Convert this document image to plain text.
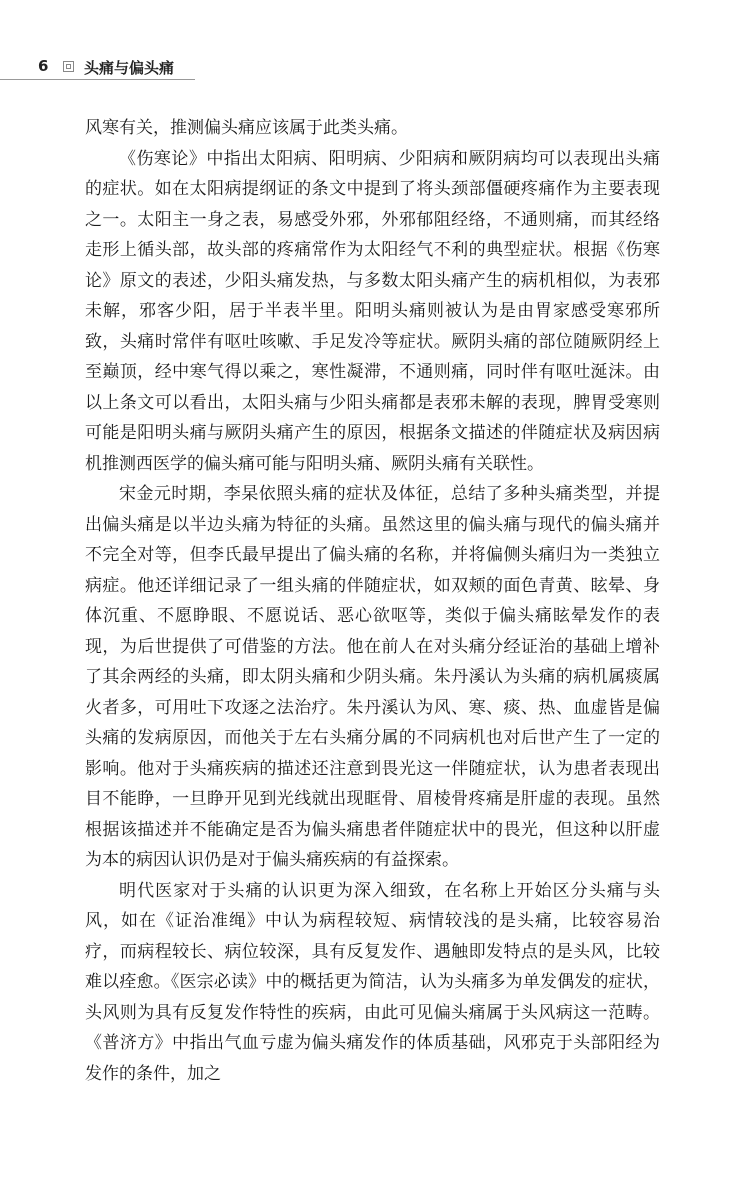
6 头痛与偏头痛

风寒有关，推测偏头痛应该属于此类头痛。

《伤寒论》中指出太阳病、阳明病、少阳病和厥阴病均可以表现出头痛的症状。如在太阳病提纲证的条文中提到了将头颈部僵硬疼痛作为主要表现之一。太阳主一身之表，易感受外邪，外邪郁阻经络，不通则痛，而其经络走形上循头部，故头部的疼痛常作为太阳经气不利的典型症状。根据《伤寒论》原文的表述，少阳头痛发热，与多数太阳头痛产生的病机相似，为表邪未解，邪客少阳，居于半表半里。阳明头痛则被认为是由胃家感受寒邪所致，头痛时常伴有呕吐咳嗽、手足发冷等症状。厥阴头痛的部位随厥阴经上至巅顶，经中寒气得以乘之，寒性凝滞，不通则痛，同时伴有呕吐涎沫。由以上条文可以看出，太阳头痛与少阳头痛都是表邪未解的表现，脾胃受寒则可能是阳明头痛与厥阴头痛产生的原因，根据条文描述的伴随症状及病因病机推测西医学的偏头痛可能与阳明头痛、厥阴头痛有关联性。

宋金元时期，李杲依照头痛的症状及体征，总结了多种头痛类型，并提出偏头痛是以半边头痛为特征的头痛。虽然这里的偏头痛与现代的偏头痛并不完全对等，但李氏最早提出了偏头痛的名称，并将偏侧头痛归为一类独立病症。他还详细记录了一组头痛的伴随症状，如双颊的面色青黄、眩晕、身体沉重、不愿睁眼、不愿说话、恶心欲呕等，类似于偏头痛眩晕发作的表现，为后世提供了可借鉴的方法。他在前人在对头痛分经证治的基础上增补了其余两经的头痛，即太阴头痛和少阴头痛。朱丹溪认为头痛的病机属痰属火者多，可用吐下攻逐之法治疗。朱丹溪认为风、寒、痰、热、血虚皆是偏头痛的发病原因，而他关于左右头痛分属的不同病机也对后世产生了一定的影响。他对于头痛疾病的描述还注意到畏光这一伴随症状，认为患者表现出目不能睁，一旦睁开见到光线就出现眶骨、眉棱骨疼痛是肝虚的表现。虽然根据该描述并不能确定是否为偏头痛患者伴随症状中的畏光，但这种以肝虚为本的病因认识仍是对于偏头痛疾病的有益探索。

明代医家对于头痛的认识更为深入细致，在名称上开始区分头痛与头风，如在《证治准绳》中认为病程较短、病情较浅的是头痛，比较容易治疗，而病程较长、病位较深，具有反复发作、遇触即发特点的是头风，比较难以痊愈。《医宗必读》中的概括更为简洁，认为头痛多为单发偶发的症状，头风则为具有反复发作特性的疾病，由此可见偏头痛属于头风病这一范畴。《普济方》中指出气血亏虚为偏头痛发作的体质基础，风邪克于头部阳经为发作的条件，加之
